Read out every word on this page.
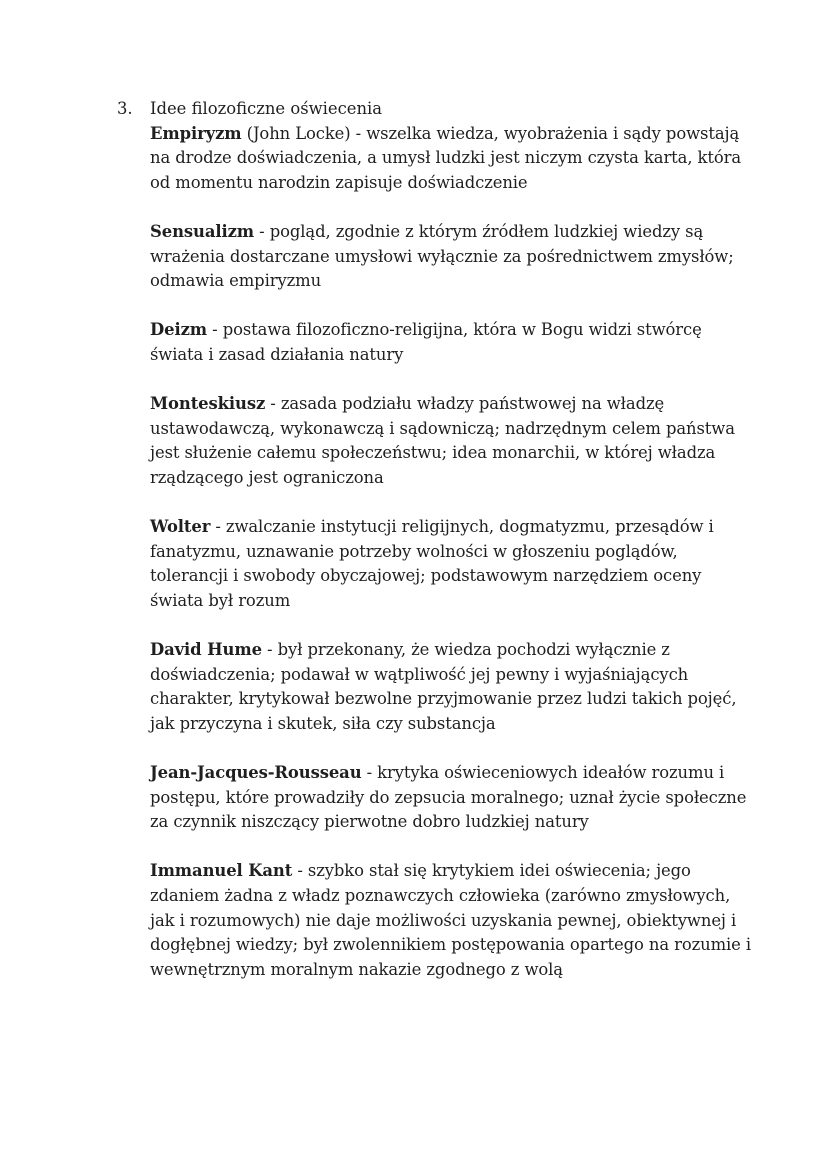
3.	Idee filozoficzne oświecenia

Empiryzm (John Locke) - wszelka wiedza, wyobrażenia i sądy powstają na drodze doświadczenia, a umysł ludzki jest niczym czysta karta, która od momentu narodzin zapisuje doświadczenie

Sensualizm - pogląd, zgodnie z którym źródłem ludzkiej wiedzy są wrażenia dostarczane umysłowi wyłącznie za pośrednictwem zmysłów; odmawia empiryzmu

Deizm - postawa filozoficzno-religijna, która w Bogu widzi stwórcę świata i zasad działania natury

Monteskiusz - zasada podziału władzy państwowej na władzę ustawodawczą, wykonawczą i sądowniczą; nadrzędnym celem państwa jest służenie całemu społeczeństwu; idea monarchii, w której władza rządzącego jest ograniczona

Wolter - zwalczanie instytucji religijnych, dogmatyzmu, przesądów i fanatyzmu, uznawanie potrzeby wolności w głoszeniu poglądów, tolerancji i swobody obyczajowej; podstawowym narzędziem oceny świata był rozum

David Hume - był przekonany, że wiedza pochodzi wyłącznie z doświadczenia; podawał w wątpliwość jej pewny i wyjaśniających charakter, krytykował bezwolne przyjmowanie przez ludzi takich pojęć, jak przyczyna i skutek, siła czy substancja

Jean-Jacques-Rousseau - krytyka oświeceniowych ideałów rozumu i postępu, które prowadziły do zepsucia moralnego; uznał życie społeczne za czynnik niszczący pierwotne dobro ludzkiej natury

Immanuel Kant - szybko stał się krytykiem idei oświecenia; jego zdaniem żadna z władz poznawczych człowieka (zarówno zmysłowych, jak i rozumowych) nie daje możliwości uzyskania pewnej, obiektywnej i dogłębnej wiedzy; był zwolennikiem postępowania opartego na rozumie i wewnętrznym moralnym nakazie zgodnego z wolą
